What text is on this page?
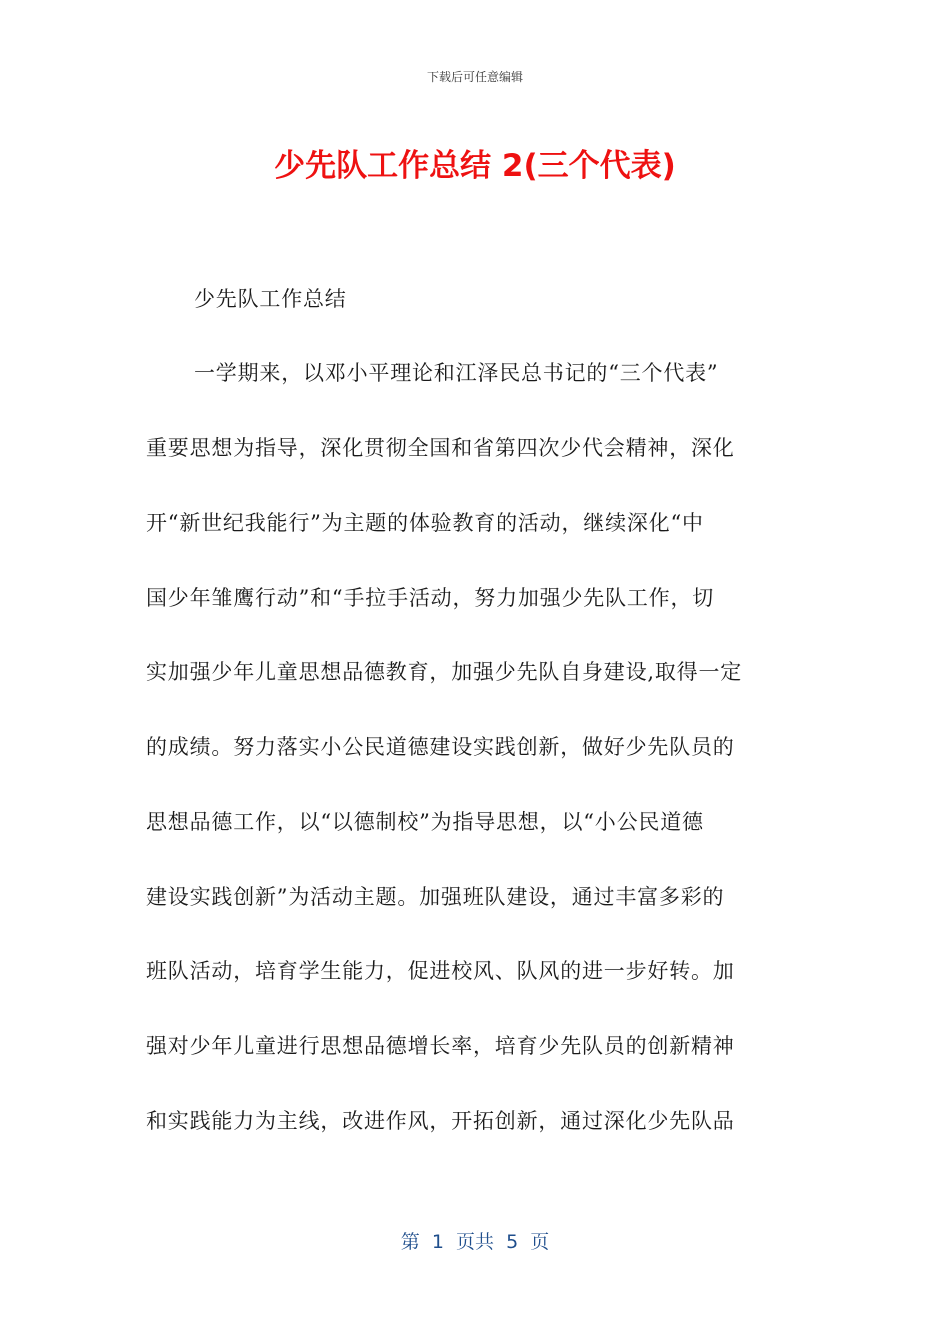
下载后可任意编辑
少先队工作总结 2(三个代表)
少先队工作总结
一学期来，以邓小平理论和江泽民总书记的“三个代表”
重要思想为指导，深化贯彻全国和省第四次少代会精神，深化
开“新世纪我能行”为主题的体验教育的活动，继续深化“中
国少年雏鹰行动”和“手拉手活动，努力加强少先队工作，切
实加强少年儿童思想品德教育，加强少先队自身建设,取得一定
的成绩。努力落实小公民道德建设实践创新，做好少先队员的
思想品德工作，以“以德制校”为指导思想，以“小公民道德
建设实践创新”为活动主题。加强班队建设，通过丰富多彩的
班队活动，培育学生能力，促进校风、队风的进一步好转。加
强对少年儿童进行思想品德增长率，培育少先队员的创新精神
和实践能力为主线，改进作风，开拓创新，通过深化少先队品
第  1  页共  5  页
